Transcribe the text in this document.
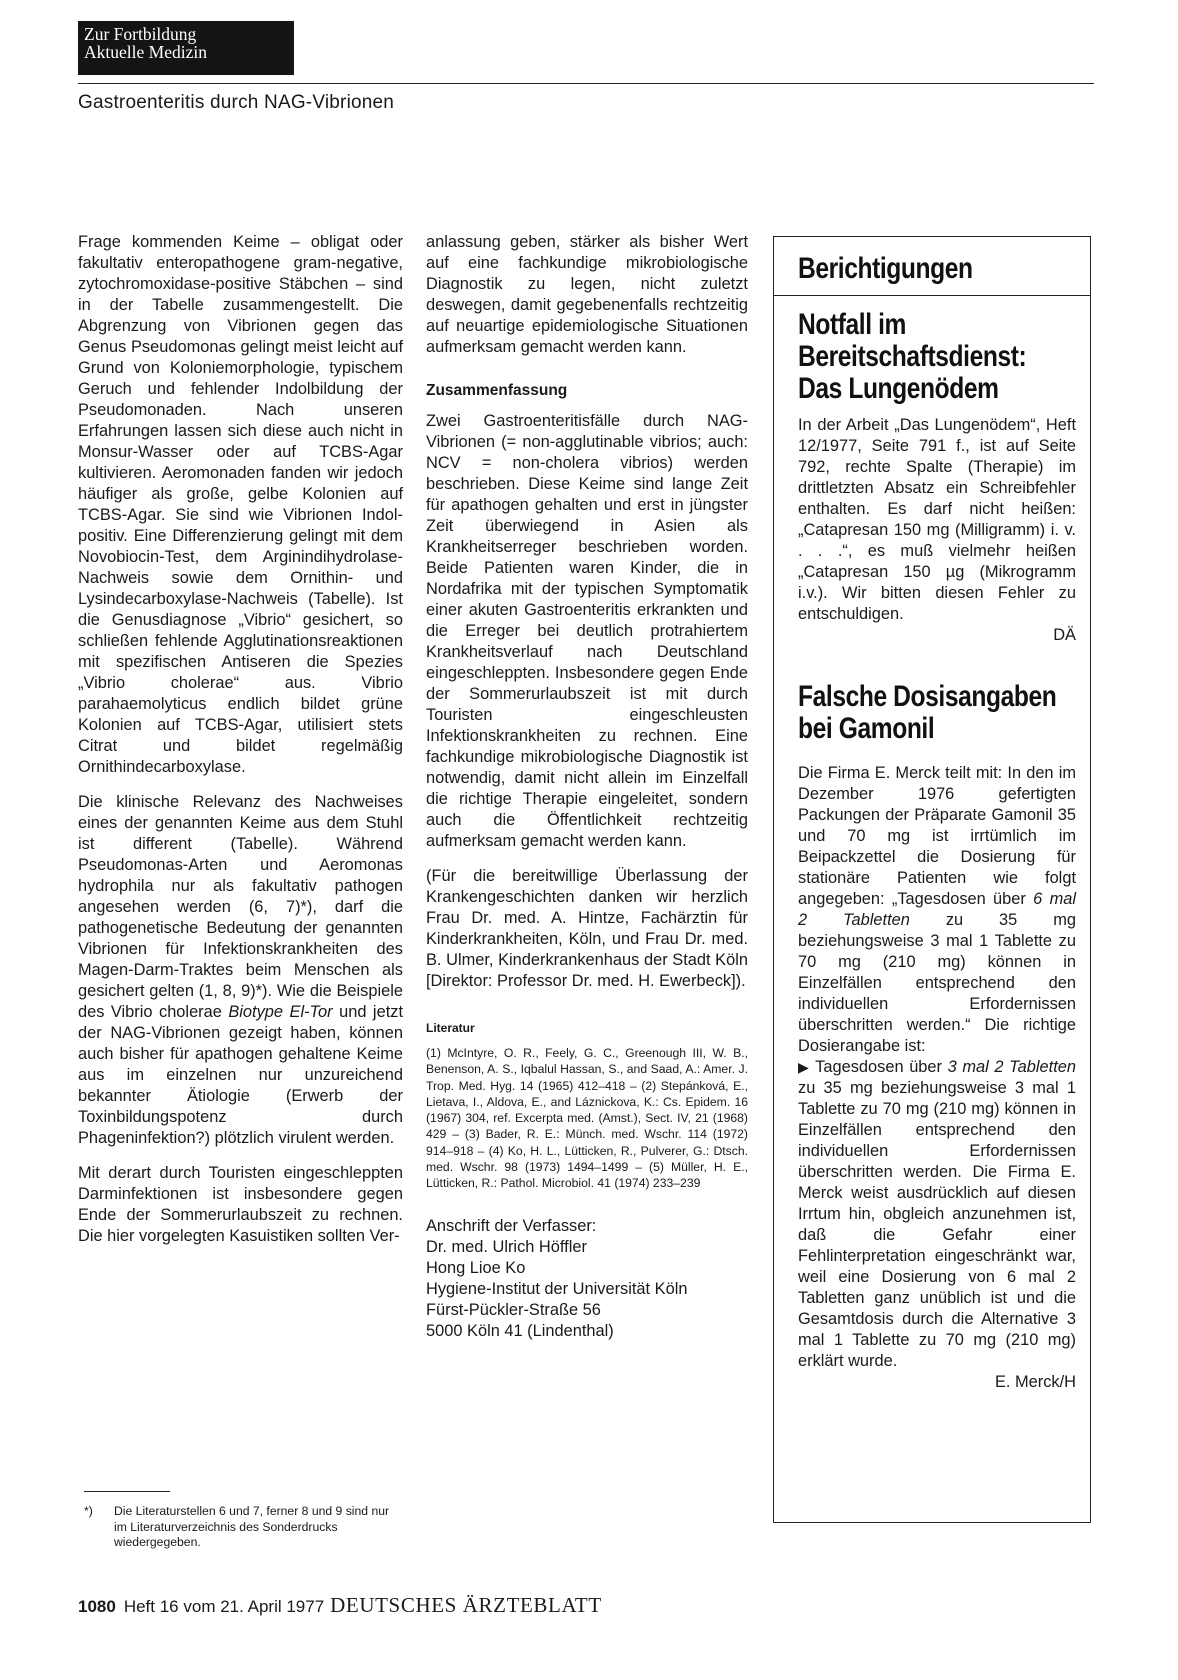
Zur Fortbildung
Aktuelle Medizin
Gastroenteritis durch NAG-Vibrionen

Frage kommenden Keime – obligat oder fakultativ enteropathogene gram-negative, zytochromoxidase-positive Stäbchen – sind in der Tabelle zusammengestellt. Die Abgrenzung von Vibrionen gegen das Genus Pseudomonas gelingt meist leicht auf Grund von Koloniemorphologie, typischem Geruch und fehlender Indolbildung der Pseudomonaden. Nach unseren Erfahrungen lassen sich diese auch nicht in Monsur-Wasser oder auf TCBS-Agar kultivieren. Aeromonaden fanden wir jedoch häufiger als große, gelbe Kolonien auf TCBS-Agar. Sie sind wie Vibrionen Indol-positiv. Eine Differenzierung gelingt mit dem Novobiocin-Test, dem Arginindihydrolase-Nachweis sowie dem Ornithin- und Lysindecarboxylase-Nachweis (Tabelle). Ist die Genusdiagnose „Vibrio“ gesichert, so schließen fehlende Agglutinationsreaktionen mit spezifischen Antiseren die Spezies „Vibrio cholerae“ aus. Vibrio parahaemolyticus endlich bildet grüne Kolonien auf TCBS-Agar, utilisiert stets Citrat und bildet regelmäßig Ornithindecarboxylase.

Die klinische Relevanz des Nachweises eines der genannten Keime aus dem Stuhl ist different (Tabelle). Während Pseudomonas-Arten und Aeromonas hydrophila nur als fakultativ pathogen angesehen werden (6, 7)*), darf die pathogenetische Bedeutung der genannten Vibrionen für Infektionskrankheiten des Magen-Darm-Traktes beim Menschen als gesichert gelten (1, 8, 9)*). Wie die Beispiele des Vibrio cholerae Biotype El-Tor und jetzt der NAG-Vibrionen gezeigt haben, können auch bisher für apathogen gehaltene Keime aus im einzelnen nur unzureichend bekannter Ätiologie (Erwerb der Toxinbildungspotenz durch Phageninfektion?) plötzlich virulent werden.

Mit derart durch Touristen eingeschleppten Darminfektionen ist insbesondere gegen Ende der Sommerurlaubszeit zu rechnen. Die hier vorgelegten Kasuistiken sollten Ver-

*) Die Literaturstellen 6 und 7, ferner 8 und 9 sind nur im Literaturverzeichnis des Sonderdrucks wiedergegeben.

anlassung geben, stärker als bisher Wert auf eine fachkundige mikrobiologische Diagnostik zu legen, nicht zuletzt deswegen, damit gegebenenfalls rechtzeitig auf neuartige epidemiologische Situationen aufmerksam gemacht werden kann.

Zusammenfassung

Zwei Gastroenteritisfälle durch NAG-Vibrionen (= non-agglutinable vibrios; auch: NCV = non-cholera vibrios) werden beschrieben. Diese Keime sind lange Zeit für apathogen gehalten und erst in jüngster Zeit überwiegend in Asien als Krankheitserreger beschrieben worden. Beide Patienten waren Kinder, die in Nordafrika mit der typischen Symptomatik einer akuten Gastroenteritis erkrankten und die Erreger bei deutlich protrahiertem Krankheitsverlauf nach Deutschland eingeschleppten. Insbesondere gegen Ende der Sommerurlaubszeit ist mit durch Touristen eingeschleusten Infektionskrankheiten zu rechnen. Eine fachkundige mikrobiologische Diagnostik ist notwendig, damit nicht allein im Einzelfall die richtige Therapie eingeleitet, sondern auch die Öffentlichkeit rechtzeitig aufmerksam gemacht werden kann.

(Für die bereitwillige Überlassung der Krankengeschichten danken wir herzlich Frau Dr. med. A. Hintze, Fachärztin für Kinderkrankheiten, Köln, und Frau Dr. med. B. Ulmer, Kinderkrankenhaus der Stadt Köln [Direktor: Professor Dr. med. H. Ewerbeck]).

Literatur
(1) McIntyre, O. R., Feely, G. C., Greenough III, W. B., Benenson, A. S., Iqbalul Hassan, S., and Saad, A.: Amer. J. Trop. Med. Hyg. 14 (1965) 412–418 – (2) Stepánková, E., Lietava, I., Aldova, E., and Láznickova, K.: Cs. Epidem. 16 (1967) 304, ref. Excerpta med. (Amst.), Sect. IV, 21 (1968) 429 – (3) Bader, R. E.: Münch. med. Wschr. 114 (1972) 914–918 – (4) Ko, H. L., Lütticken, R., Pulverer, G.: Dtsch. med. Wschr. 98 (1973) 1494–1499 – (5) Müller, H. E., Lütticken, R.: Pathol. Microbiol. 41 (1974) 233–239
Anschrift der Verfasser:
Dr. med. Ulrich Höffler
Hong Lioe Ko
Hygiene-Institut der Universität Köln
Fürst-Pückler-Straße 56
5000 Köln 41 (Lindenthal)
Berichtigungen
Notfall im
Bereitschaftsdienst:
Das Lungenödem

In der Arbeit „Das Lungenödem“, Heft 12/1977, Seite 791 f., ist auf Seite 792, rechte Spalte (Therapie) im drittletzten Absatz ein Schreibfehler enthalten. Es darf nicht heißen: „Catapresan 150 mg (Milligramm) i. v. . . .“, es muß vielmehr heißen „Catapresan 150 µg (Mikrogramm i.v.). Wir bitten diesen Fehler zu entschuldigen.

DÄ
Falsche Dosisangaben
bei Gamonil

Die Firma E. Merck teilt mit: In den im Dezember 1976 gefertigten Packungen der Präparate Gamonil 35 und 70 mg ist irrtümlich im Beipackzettel die Dosierung für stationäre Patienten wie folgt angegeben: „Tagesdosen über 6 mal 2 Tabletten zu 35 mg beziehungsweise 3 mal 1 Tablette zu 70 mg (210 mg) können in Einzelfällen entsprechend den individuellen Erfordernissen überschritten werden.“ Die richtige Dosierangabe ist:
▶ Tagesdosen über 3 mal 2 Tabletten zu 35 mg beziehungsweise 3 mal 1 Tablette zu 70 mg (210 mg) können in Einzelfällen entsprechend den individuellen Erfordernissen überschritten werden. Die Firma E. Merck weist ausdrücklich auf diesen Irrtum hin, obgleich anzunehmen ist, daß die Gefahr einer Fehlinterpretation eingeschränkt war, weil eine Dosierung von 6 mal 2 Tabletten ganz unüblich ist und die Gesamtdosis durch die Alternative 3 mal 1 Tablette zu 70 mg (210 mg) erklärt wurde.

E. Merck/H
1080 Heft 16 vom 21. April 1977 DEUTSCHES ÄRZTEBLATT
